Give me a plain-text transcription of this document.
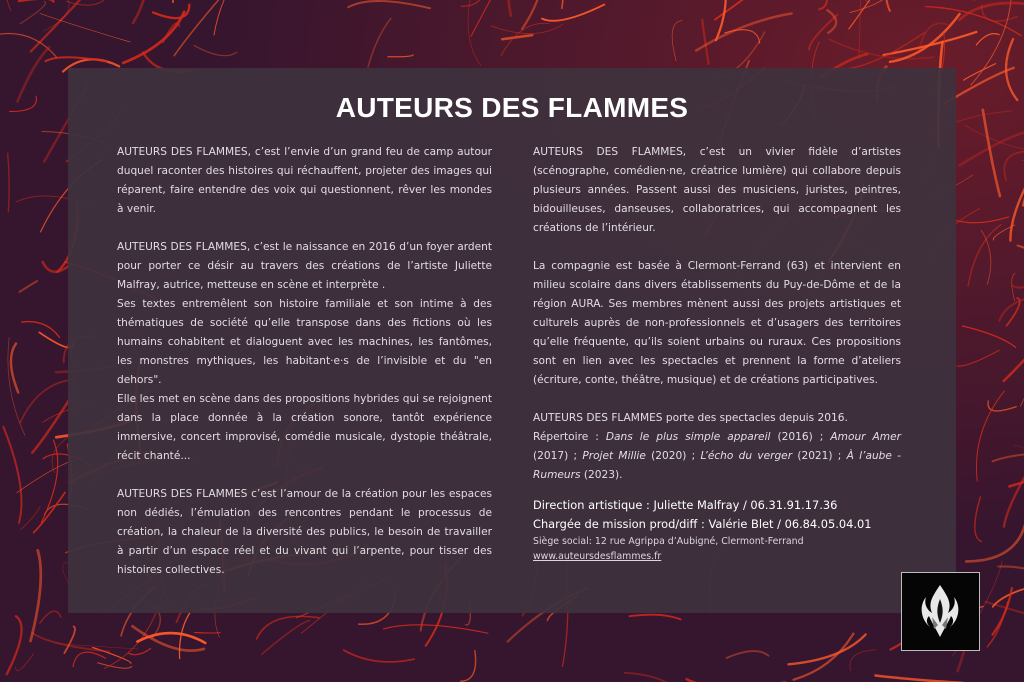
AUTEURS DES FLAMMES

AUTEURS DES FLAMMES, c’est l’envie d’un grand feu de camp autour duquel raconter des histoires qui réchauffent, projeter des images qui réparent, faire entendre des voix qui questionnent, rêver les mondes à venir.

AUTEURS DES FLAMMES, c’est le naissance en 2016 d’un foyer ardent pour porter ce désir au travers des créations de l’artiste Juliette Malfray, autrice, metteuse en scène et interprète .

Ses textes entremêlent son histoire familiale et son intime à des thématiques de société qu’elle transpose dans des fictions où les humains cohabitent et dialoguent avec les machines, les fantômes, les monstres mythiques, les habitant·e·s de l’invisible et du "en dehors".

Elle les met en scène dans des propositions hybrides qui se rejoignent dans la place donnée à la création sonore, tantôt expérience immersive, concert improvisé, comédie musicale, dystopie théâtrale, récit chanté...

AUTEURS DES FLAMMES c’est l’amour de la création pour les espaces non dédiés, l’émulation des rencontres pendant le processus de création, la chaleur de la diversité des publics, le besoin de travailler à partir d’un espace réel et du vivant qui l’arpente, pour tisser des histoires collectives.

AUTEURS DES FLAMMES, c’est un vivier fidèle d’artistes (scénographe, comédien·ne, créatrice lumière) qui collabore depuis plusieurs années. Passent aussi des musiciens, juristes, peintres, bidouilleuses, danseuses, collaboratrices, qui accompagnent les créations de l’intérieur.

La compagnie est basée à Clermont-Ferrand (63) et intervient en milieu scolaire dans divers établissements du Puy-de-Dôme et de la région AURA. Ses membres mènent aussi des projets artistiques et culturels auprès de non-professionnels et d’usagers des territoires qu’elle fréquente, qu’ils soient urbains ou ruraux. Ces propositions sont en lien avec les spectacles et prennent la forme d’ateliers (écriture, conte, théâtre, musique) et de créations participatives.

AUTEURS DES FLAMMES porte des spectacles depuis 2016.

Répertoire : Dans le plus simple appareil (2016) ; Amour Amer (2017) ; Projet Millie (2020) ; L’écho du verger (2021) ; À l’aube - Rumeurs (2023).

Direction artistique : Juliette Malfray / 06.31.91.17.36

Chargée de mission prod/diff : Valérie Blet / 06.84.05.04.01

Siège social: 12 rue Agrippa d’Aubigné, Clermont-Ferrand

www.auteursdesflammes.fr
